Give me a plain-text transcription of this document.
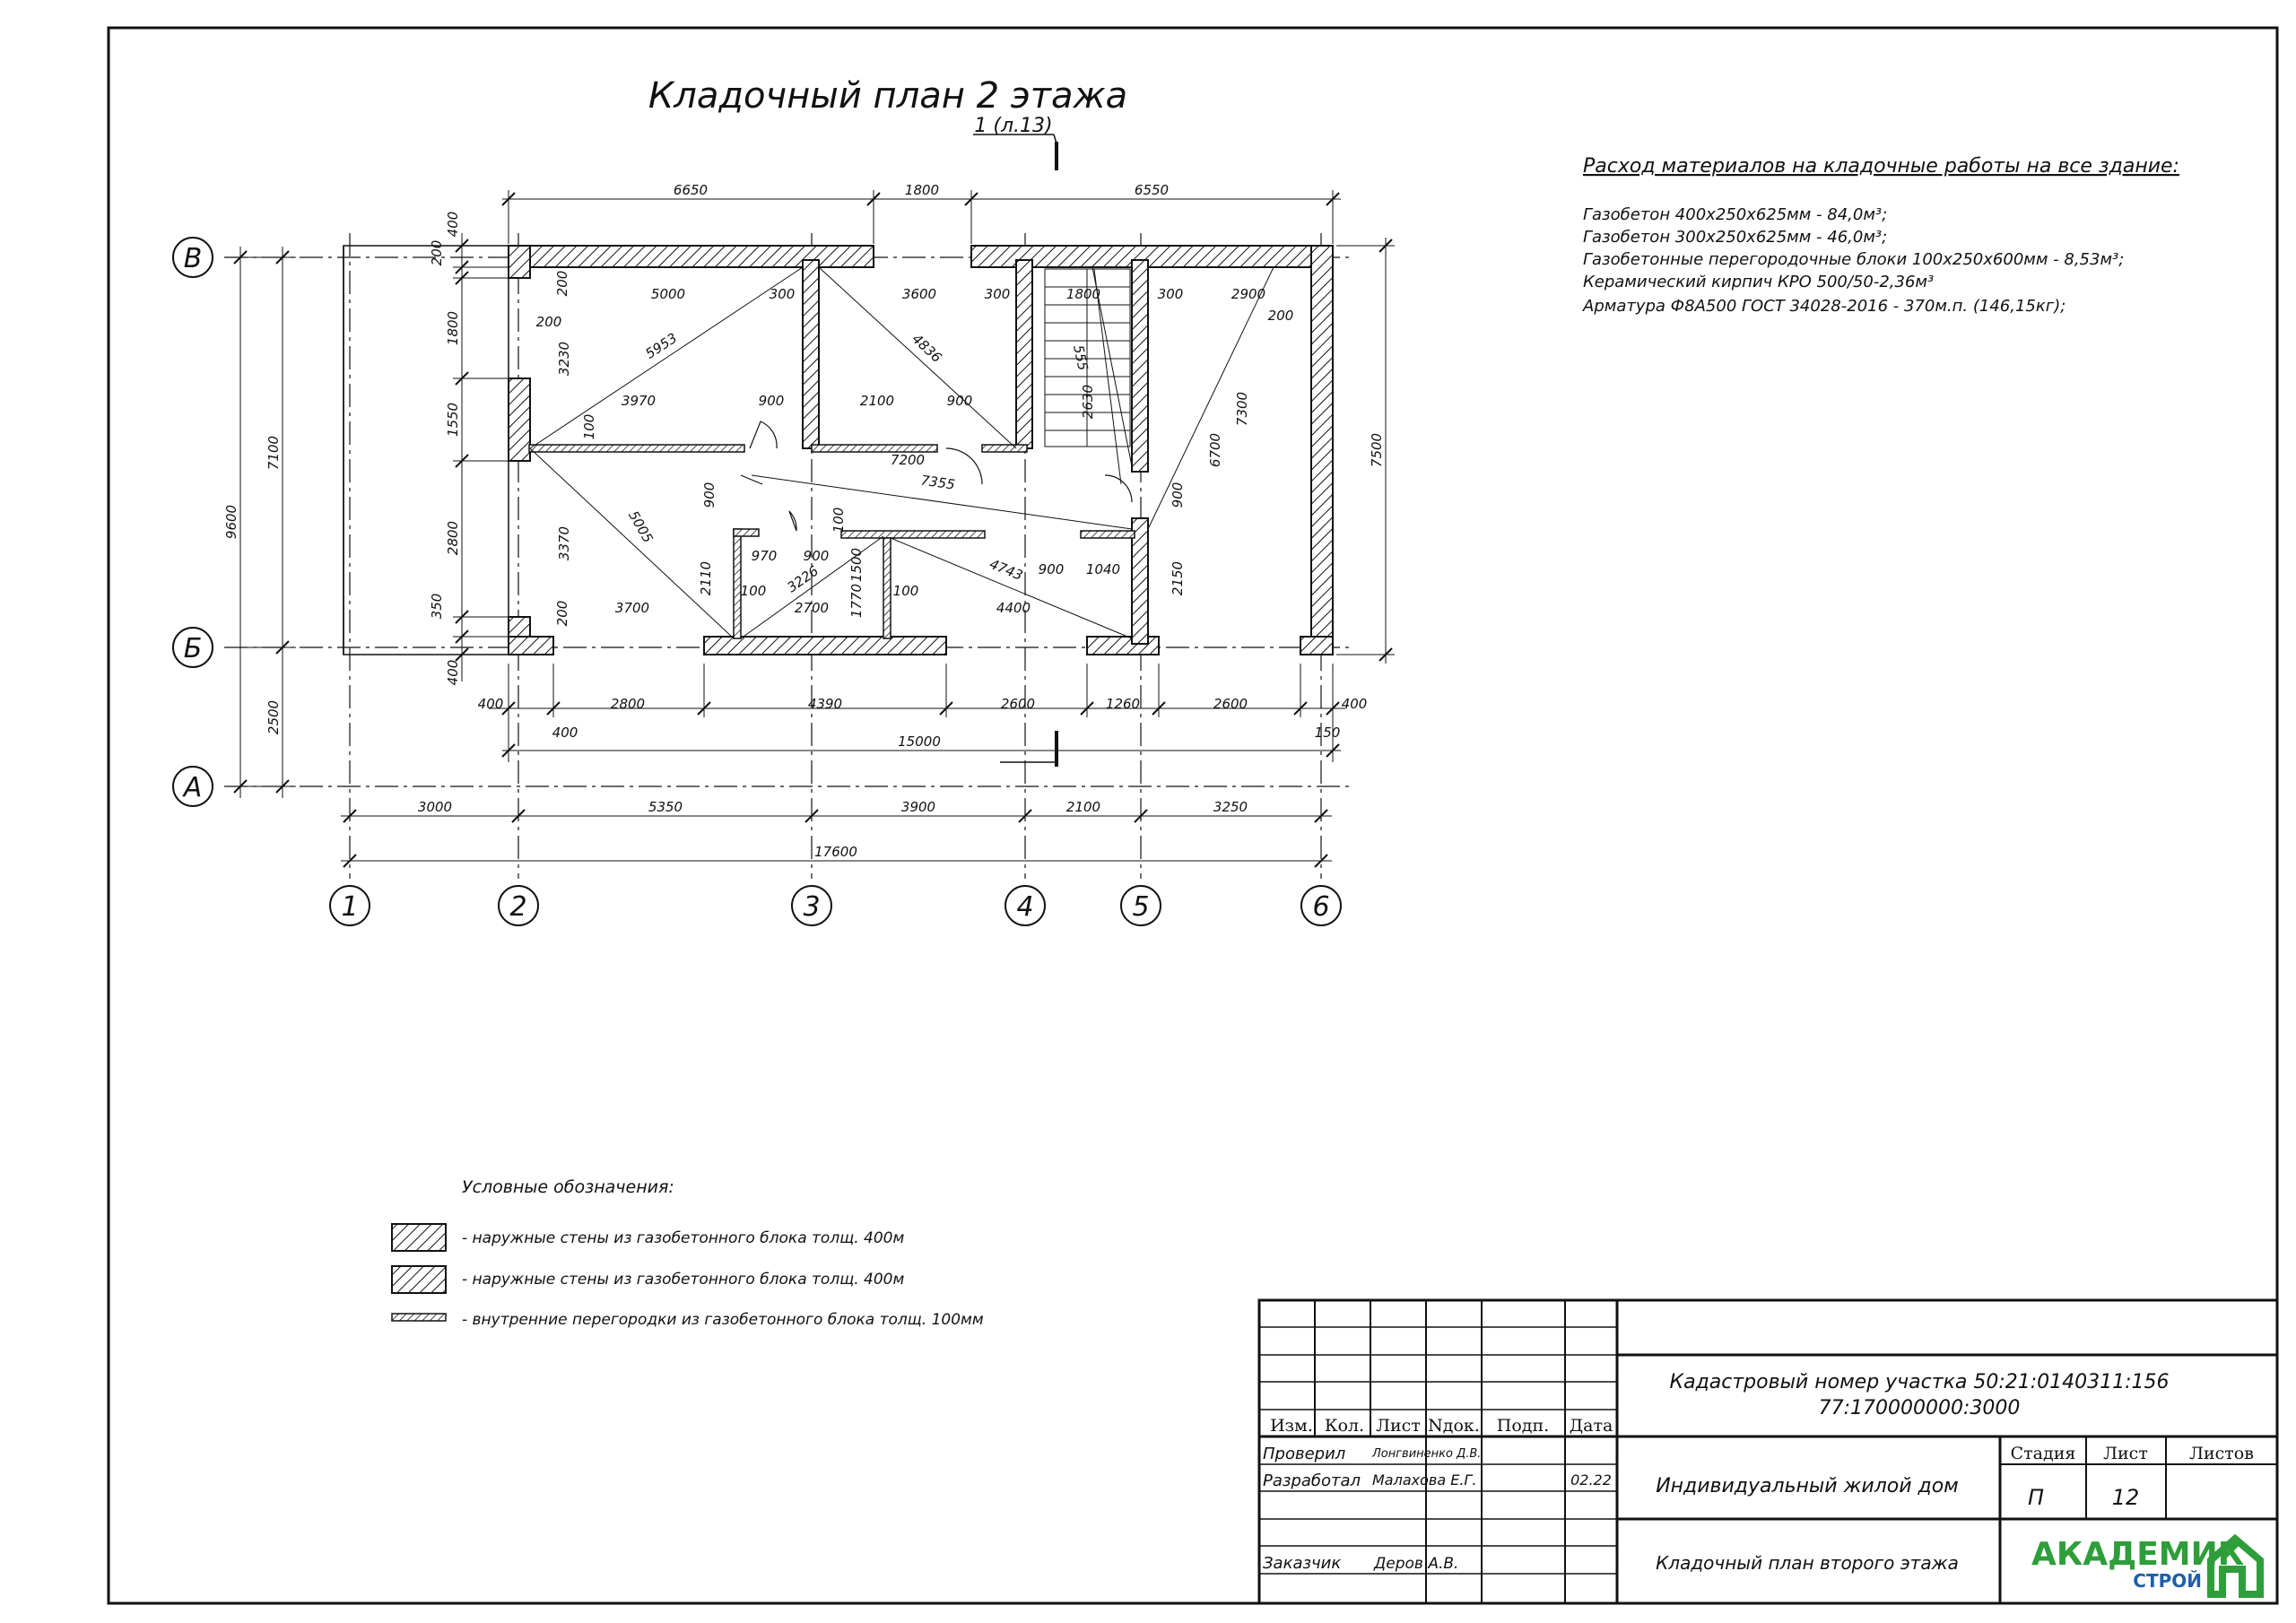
Кладочный план 2 этажа
1 (л.13)
Расход материалов на кладочные работы на все здание:
Газобетон 400х250х625мм - 84,0м³;
Газобетон 300х250х625мм - 46,0м³;
Газобетонные перегородочные блоки 100х250х600мм - 8,53м³;
Керамический кирпич КРО 500/50-2,36м³
Арматура Ф8А500 ГОСТ 34028-2016 - 370м.п. (146,15кг);
В
Б
А
1	2	3	4	5	6
6650	1800	6550
400
200
1800
1550
2800
350
400
7100
2500
9600
7500
400	2800	4390	2600	1260	2600	400
400	150
15000
3000	5350	3900	2100	3250
17600
5000	300	3600	300	1800	300	2900
200
200
200
3230	5953	4836
3970	900	2100	900
100
7200
7355
900
3370	5005
970 900
3226
100
1500
2110 100	1770 100
4743 900 1040	2150
3700	2700	4400
200
6700
7300
2630
555
900
Условные обозначения:
- наружные стены из газобетонного блока толщ. 400м
- наружные стены из газобетонного блока толщ. 400м
- внутренние перегородки из газобетонного блока толщ. 100мм
Кадастровый номер участка 50:21:0140311:156
77:170000000:3000
Изм. Кол. Лист Nдок. Подп. Дата
Проверил Лонгвиненко Д.В.
Разработал Малахова Е.Г.	02.22
Заказчик Деров А.В.
Индивидуальный жилой дом
Кладочный план второго этажа
Стадия Лист Листов
П	12
АКАДЕМИК
СТРОЙ
